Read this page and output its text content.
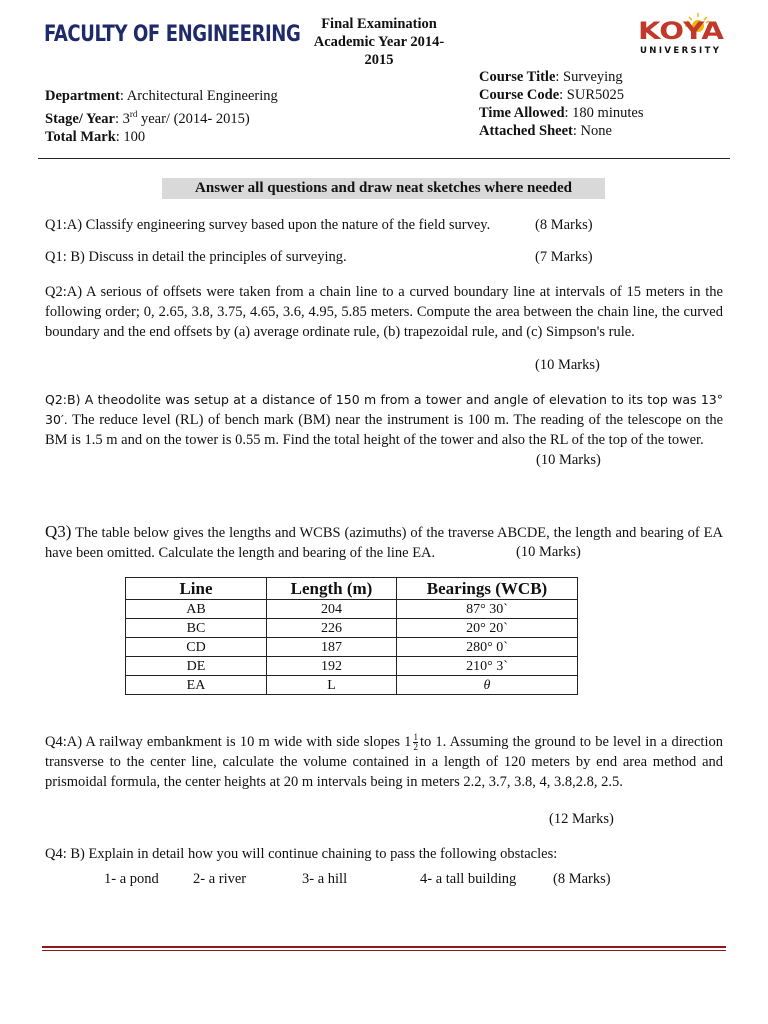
FACULTY OF ENGINEERING	Final Examination
Academic Year 2014-2015
KOYA
UNIVERSITY
Department: Architectural Engineering
Stage/ Year: 3rd year/ (2014- 2015)
Total Mark: 100
Course Title: Surveying
Course Code: SUR5025
Time Allowed: 180 minutes
Attached Sheet: None
Answer all questions and draw neat sketches where needed
Q1:A) Classify engineering survey based upon the nature of the field survey.	(8 Marks)
Q1: B) Discuss in detail the principles of surveying.	(7 Marks)
Q2:A) A serious of offsets were taken from a chain line to a curved boundary line at intervals of 15 meters in the following order; 0, 2.65, 3.8, 3.75, 4.65, 3.6, 4.95, 5.85 meters. Compute the area between the chain line, the curved boundary and the end offsets by (a) average ordinate rule, (b) trapezoidal rule, and (c) Simpson's rule.
(10 Marks)
Q2:B) A theodolite was setup at a distance of 150 m from a tower and angle of elevation to its top was 13° 30′. The reduce level (RL) of bench mark (BM) near the instrument is 100 m. The reading of the telescope on the BM is 1.5 m and on the tower is 0.55 m. Find the total height of the tower and also the RL of the top of the tower.
(10 Marks)
Q3) The table below gives the lengths and WCBS (azimuths) of the traverse ABCDE, the length and bearing of EA have been omitted. Calculate the length and bearing of the line EA.	(10 Marks)
Line	Length (m)	Bearings (WCB)
AB	204	87° 30`
BC	226	20° 20`
CD	187	280° 0`
DE	192	210° 3`
EA	L	θ
Q4:A) A railway embankment is 10 m wide with side slopes $1 \frac{1}{2}$ to 1. Assuming the ground to be level in a direction transverse to the center line, calculate the volume contained in a length of 120 meters by end area method and prismoidal formula, the center heights at 20 m intervals being in meters 2.2, 3.7, 3.8, 4, 3.8,2.8, 2.5.
(12 Marks)
Q4: B) Explain in detail how you will continue chaining to pass the following obstacles:
1- a pond 2- a river	3- a hill	4- a tall building	(8 Marks)
